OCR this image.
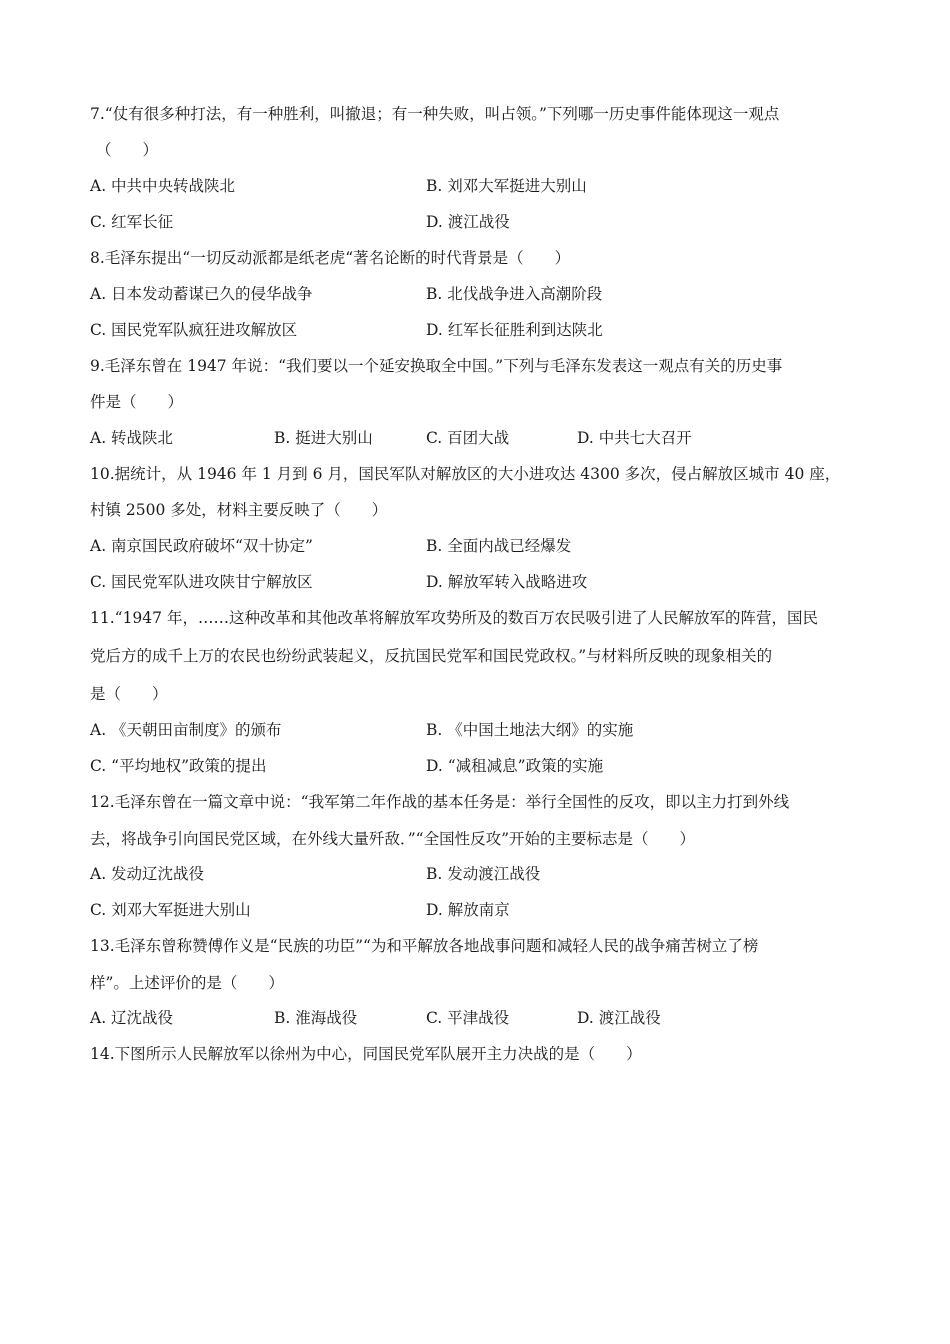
7.“仗有很多种打法，有一种胜利，叫撤退；有一种失败，叫占领。”下列哪一历史事件能体现这一观点
（　　）
A. 中共中央转战陕北	B. 刘邓大军挺进大别山
C. 红军长征	D. 渡江战役
8.毛泽东提出“一切反动派都是纸老虎“著名论断的时代背景是（　　）
A. 日本发动蓄谋已久的侵华战争	B. 北伐战争进入高潮阶段
C. 国民党军队疯狂进攻解放区	D. 红军长征胜利到达陕北
9.毛泽东曾在 1947 年说：“我们要以一个延安换取全中国。”下列与毛泽东发表这一观点有关的历史事
件是（　　）
A. 转战陕北	B. 挺进大别山	C. 百团大战	D. 中共七大召开
10.据统计，从 1946 年 1 月到 6 月，国民军队对解放区的大小进攻达 4300 多次，侵占解放区城市 40 座，
村镇 2500 多处，材料主要反映了（　　）
A. 南京国民政府破坏“双十协定”	B. 全面内战已经爆发
C. 国民党军队进攻陕甘宁解放区	D. 解放军转入战略进攻
11.“1947 年，……这种改革和其他改革将解放军攻势所及的数百万农民吸引进了人民解放军的阵营，国民
党后方的成千上万的农民也纷纷武装起义，反抗国民党军和国民党政权。”与材料所反映的现象相关的
是（　　）
A. 《天朝田亩制度》的颁布	B. 《中国土地法大纲》的实施
C. “平均地权”政策的提出	D. “减租减息”政策的实施
12.毛泽东曾在一篇文章中说：“我军第二年作战的基本任务是：举行全国性的反攻，即以主力打到外线
去，将战争引向国民党区域，在外线大量歼敌．”“全国性反攻”开始的主要标志是（　　）
A. 发动辽沈战役	B. 发动渡江战役
C. 刘邓大军挺进大别山	D. 解放南京
13.毛泽东曾称赞傅作义是“民族的功臣”“为和平解放各地战事问题和减轻人民的战争痛苦树立了榜
样”。上述评价的是（　　）
A. 辽沈战役	B. 淮海战役	C. 平津战役	D. 渡江战役
14.下图所示人民解放军以徐州为中心，同国民党军队展开主力决战的是（　　）
